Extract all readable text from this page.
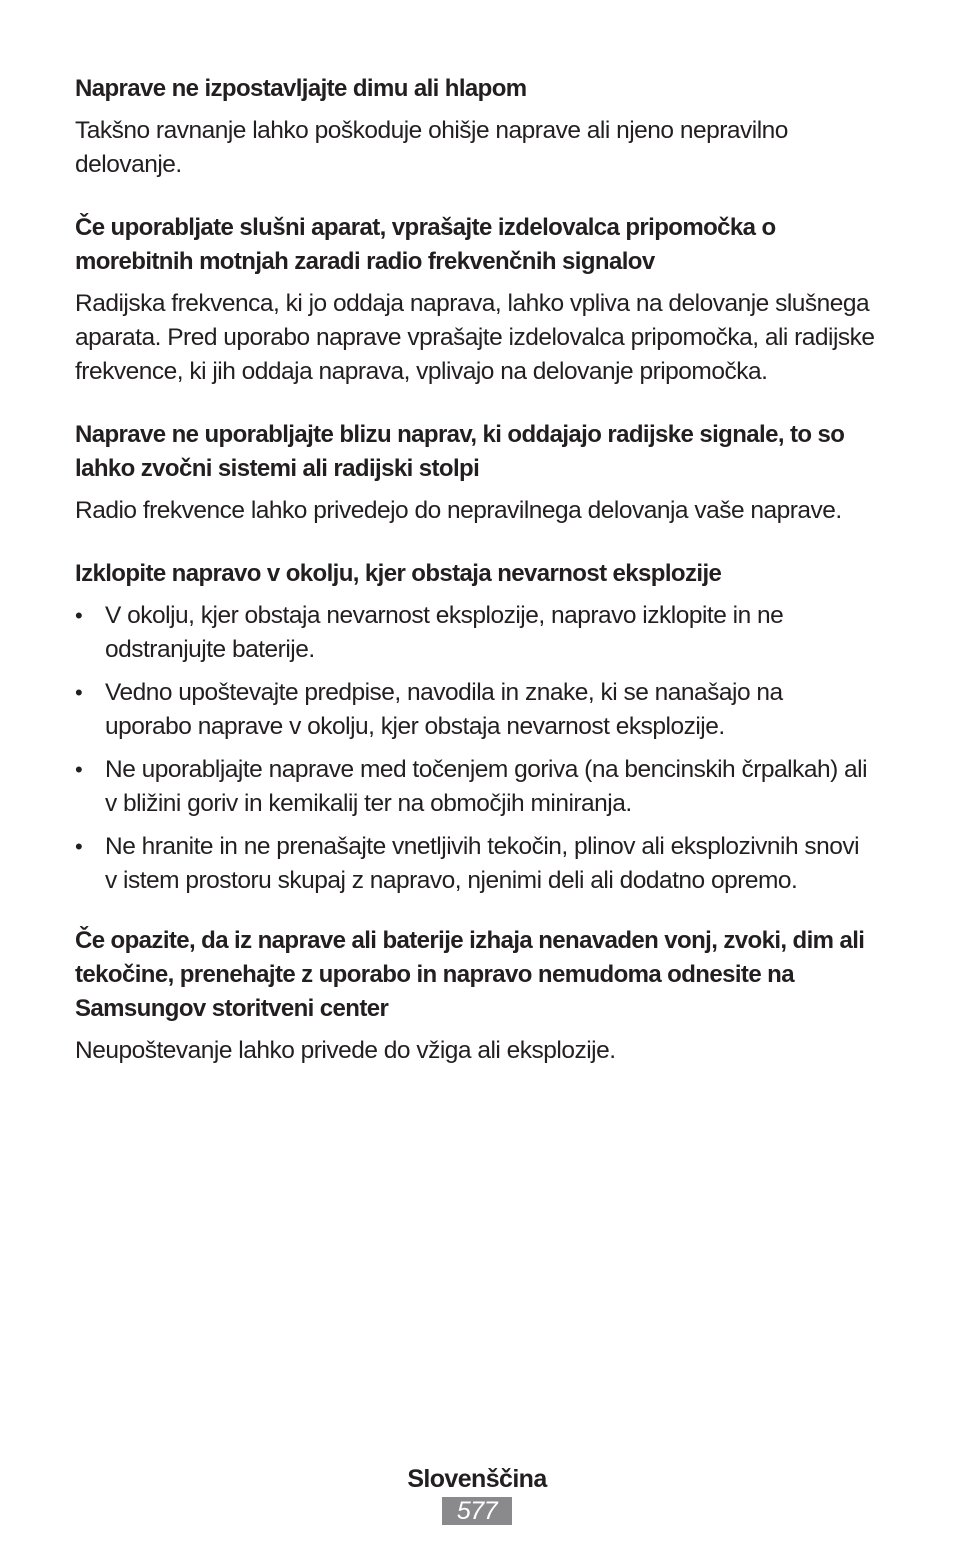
Naprave ne izpostavljajte dimu ali hlapom

Takšno ravnanje lahko poškoduje ohišje naprave ali njeno nepravilno delovanje.

Če uporabljate slušni aparat, vprašajte izdelovalca pripomočka o morebitnih motnjah zaradi radio frekvenčnih signalov

Radijska frekvenca, ki jo oddaja naprava, lahko vpliva na delovanje slušnega aparata. Pred uporabo naprave vprašajte izdelovalca pripomočka, ali radijske frekvence, ki jih oddaja naprava, vplivajo na delovanje pripomočka.

Naprave ne uporabljajte blizu naprav, ki oddajajo radijske signale, to so lahko zvočni sistemi ali radijski stolpi

Radio frekvence lahko privedejo do nepravilnega delovanja vaše naprave.

Izklopite napravo v okolju, kjer obstaja nevarnost eksplozije
• V okolju, kjer obstaja nevarnost eksplozije, napravo izklopite in ne odstranjujte baterije.
• Vedno upoštevajte predpise, navodila in znake, ki se nanašajo na uporabo naprave v okolju, kjer obstaja nevarnost eksplozije.
• Ne uporabljajte naprave med točenjem goriva (na bencinskih črpalkah) ali v bližini goriv in kemikalij ter na območjih miniranja.
• Ne hranite in ne prenašajte vnetljivih tekočin, plinov ali eksplozivnih snovi v istem prostoru skupaj z napravo, njenimi deli ali dodatno opremo.
Če opazite, da iz naprave ali baterije izhaja nenavaden vonj, zvoki, dim ali tekočine, prenehajte z uporabo in napravo nemudoma odnesite na Samsungov storitveni center

Neupoštevanje lahko privede do vžiga ali eksplozije.

Slovenščina
577
